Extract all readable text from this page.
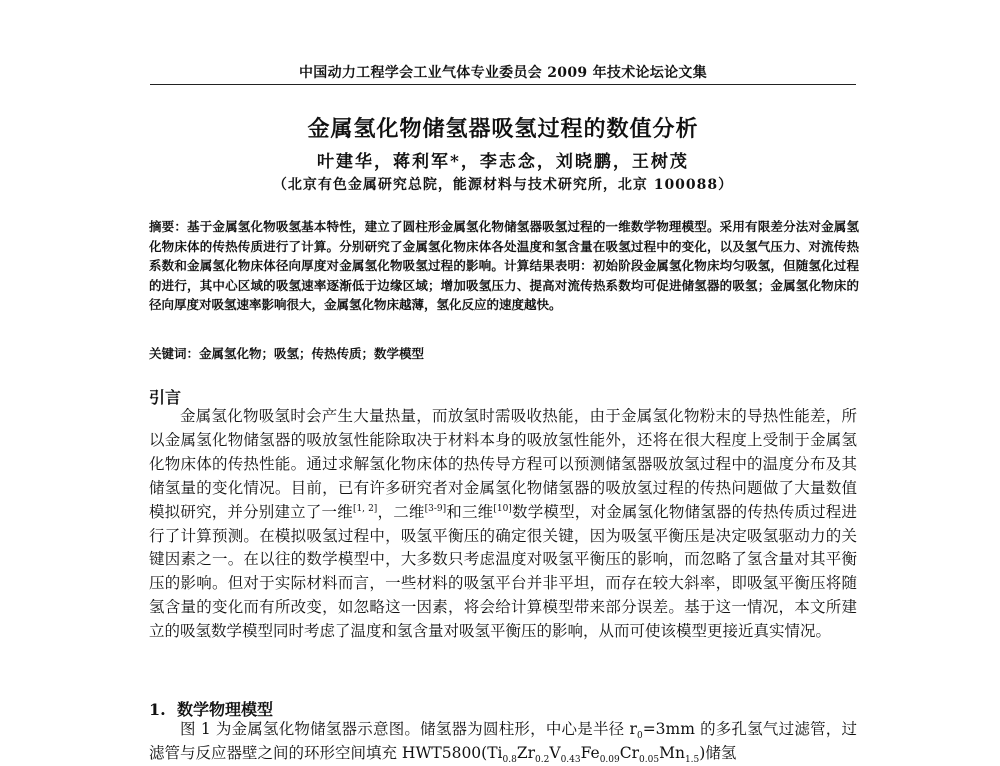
中国动力工程学会工业气体专业委员会 2009 年技术论坛论文集
金属氢化物储氢器吸氢过程的数值分析
叶建华，蒋利军*，李志念，刘晓鹏，王树茂
（北京有色金属研究总院，能源材料与技术研究所，北京 100088）
摘要：基于金属氢化物吸氢基本特性，建立了圆柱形金属氢化物储氢器吸氢过程的一维数学物理模型。采用有限差分法对金属氢化物床体的传热传质进行了计算。分别研究了金属氢化物床体各处温度和氢含量在吸氢过程中的变化，以及氢气压力、对流传热系数和金属氢化物床体径向厚度对金属氢化物吸氢过程的影响。计算结果表明：初始阶段金属氢化物床均匀吸氢，但随氢化过程的进行，其中心区域的吸氢速率逐渐低于边缘区域；增加吸氢压力、提高对流传热系数均可促进储氢器的吸氢；金属氢化物床的径向厚度对吸氢速率影响很大，金属氢化物床越薄，氢化反应的速度越快。
关键词：金属氢化物；吸氢；传热传质；数学模型
引言
金属氢化物吸氢时会产生大量热量，而放氢时需吸收热能，由于金属氢化物粉末的导热性能差，所以金属氢化物储氢器的吸放氢性能除取决于材料本身的吸放氢性能外，还将在很大程度上受制于金属氢化物床体的传热性能。通过求解氢化物床体的热传导方程可以预测储氢器吸放氢过程中的温度分布及其储氢量的变化情况。目前，已有许多研究者对金属氢化物储氢器的吸放氢过程的传热问题做了大量数值模拟研究，并分别建立了一维[1, 2]，二维[3-9]和三维[10]数学模型，对金属氢化物储氢器的传热传质过程进行了计算预测。在模拟吸氢过程中，吸氢平衡压的确定很关键，因为吸氢平衡压是决定吸氢驱动力的关键因素之一。在以往的数学模型中，大多数只考虑温度对吸氢平衡压的影响，而忽略了氢含量对其平衡压的影响。但对于实际材料而言，一些材料的吸氢平台并非平坦，而存在较大斜率，即吸氢平衡压将随氢含量的变化而有所改变，如忽略这一因素，将会给计算模型带来部分误差。基于这一情况，本文所建立的吸氢数学模型同时考虑了温度和氢含量对吸氢平衡压的影响，从而可使该模型更接近真实情况。
1. 数学物理模型
图 1 为金属氢化物储氢器示意图。储氢器为圆柱形，中心是半径 $r_0=3mm$ 的多孔氢气过滤管，过滤管与反应器壁之间的环形空间填充 $HWT5800(Ti_{0.8}Zr_{0.2}V_{0.43}Fe_{0.09}Cr_{0.05}Mn_{1.5})$储氢
